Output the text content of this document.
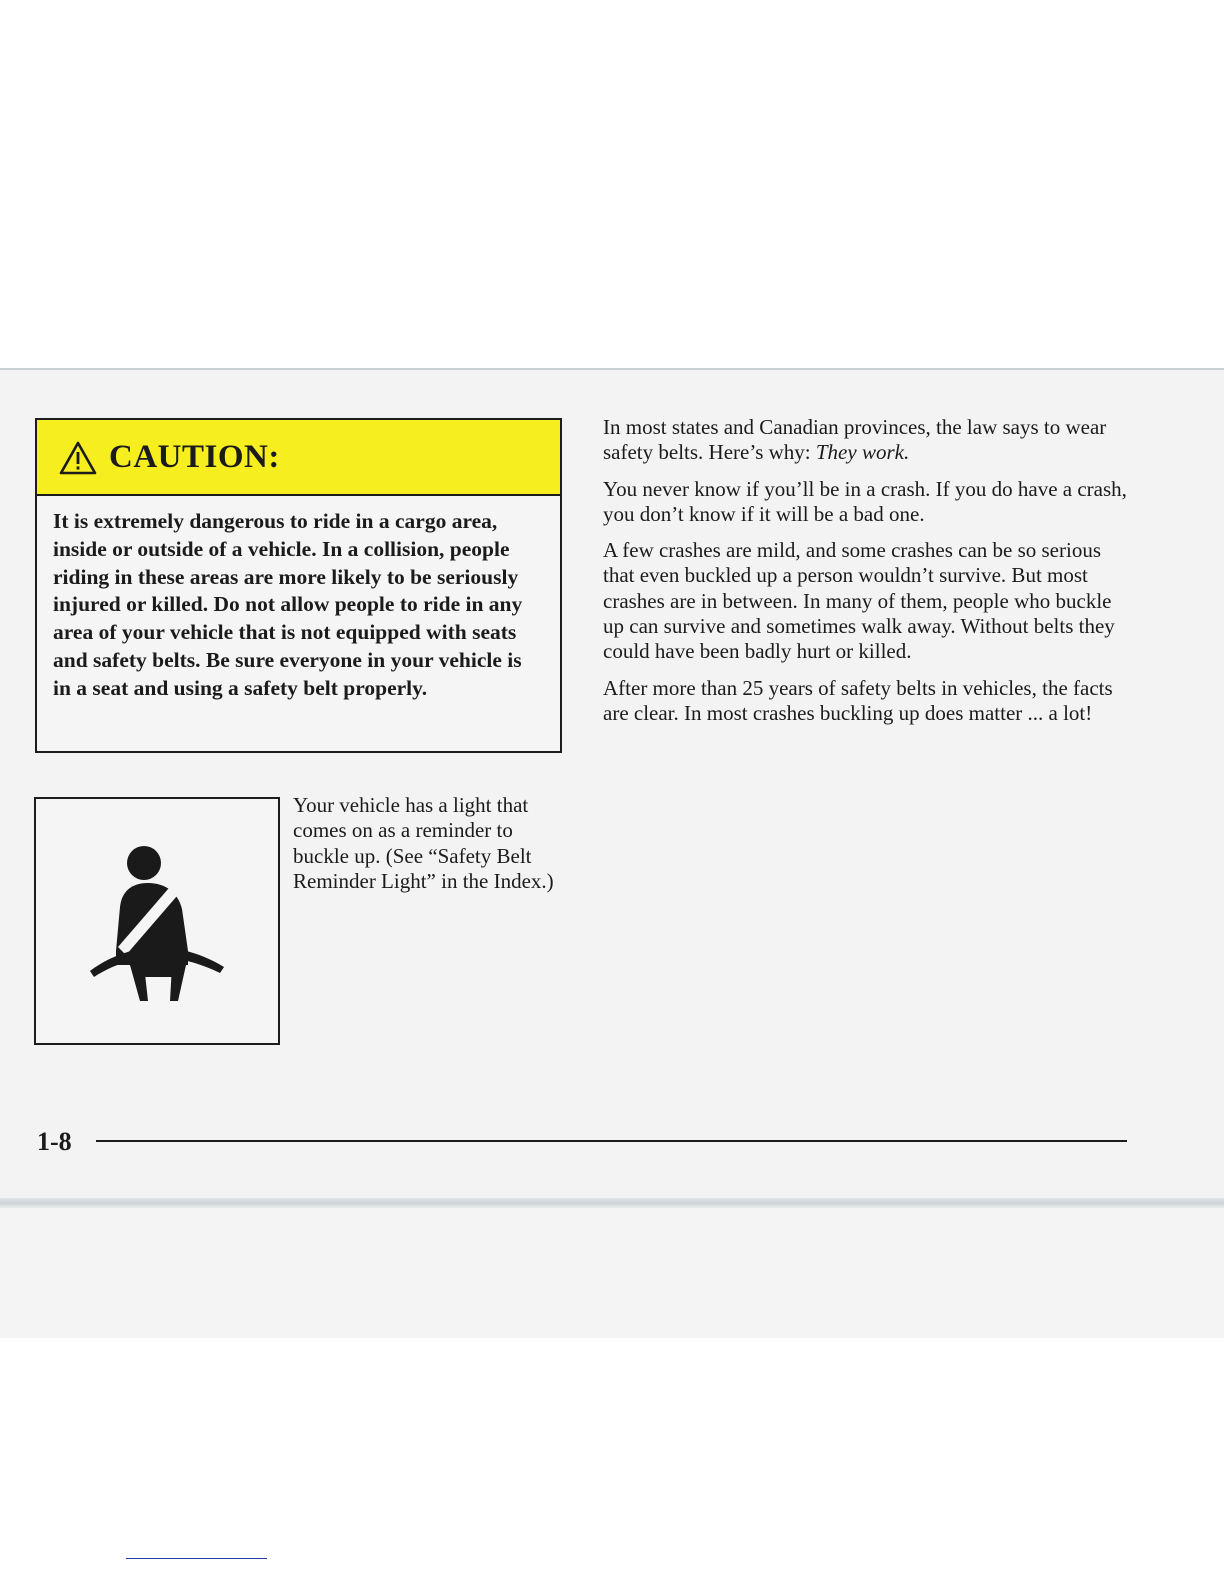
CAUTION:
It is extremely dangerous to ride in a cargo area, inside or outside of a vehicle. In a collision, people riding in these areas are more likely to be seriously injured or killed. Do not allow people to ride in any area of your vehicle that is not equipped with seats and safety belts. Be sure everyone in your vehicle is in a seat and using a safety belt properly.
Your vehicle has a light that comes on as a reminder to buckle up. (See “Safety Belt Reminder Light” in the Index.)

In most states and Canadian provinces, the law says to wear safety belts. Here’s why: They work.

You never know if you’ll be in a crash. If you do have a crash, you don’t know if it will be a bad one.

A few crashes are mild, and some crashes can be so serious that even buckled up a person wouldn’t survive. But most crashes are in between. In many of them, people who buckle up can survive and sometimes walk away. Without belts they could have been badly hurt or killed.

After more than 25 years of safety belts in vehicles, the facts are clear. In most crashes buckling up does matter ... a lot!

1-8
